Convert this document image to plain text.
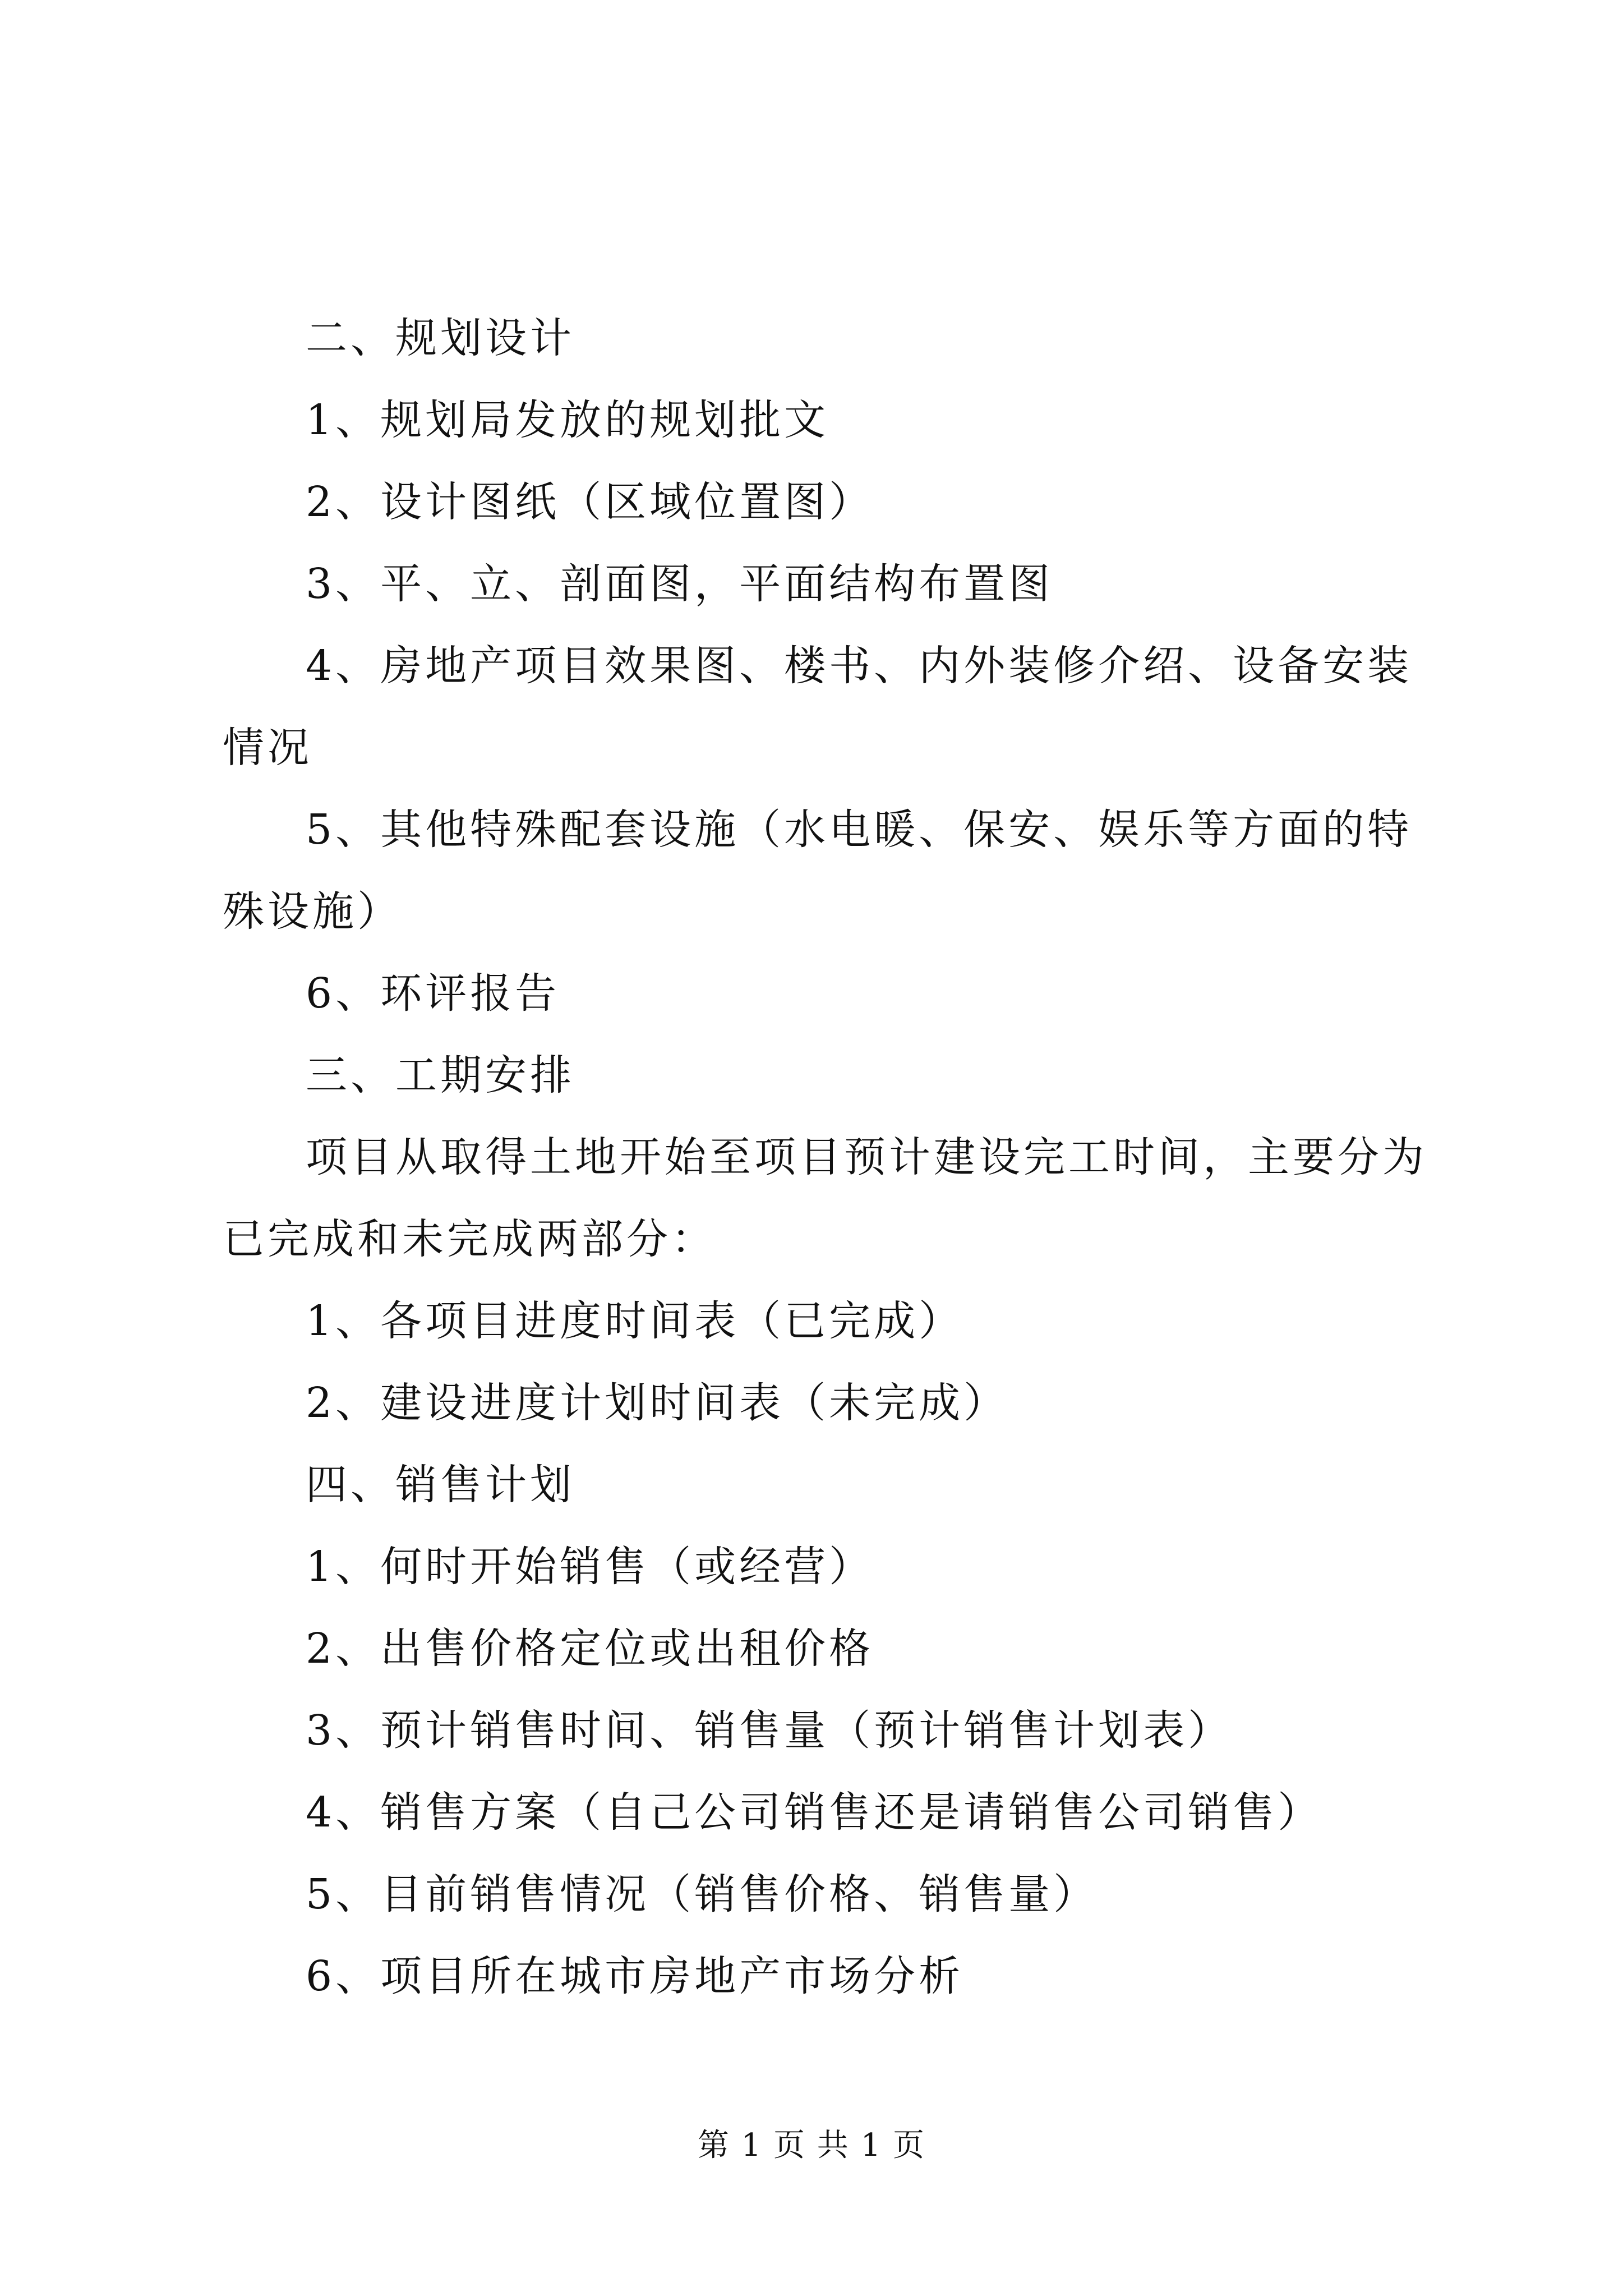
二、规划设计

1、规划局发放的规划批文

2、设计图纸（区域位置图）

3、平、立、剖面图，平面结构布置图

4、房地产项目效果图、楼书、内外装修介绍、设备安装情况

5、其他特殊配套设施（水电暖、保安、娱乐等方面的特殊设施）

6、环评报告

三、工期安排

项目从取得土地开始至项目预计建设完工时间，主要分为已完成和未完成两部分：

1、各项目进度时间表（已完成）

2、建设进度计划时间表（未完成）

四、销售计划

1、何时开始销售（或经营）

2、出售价格定位或出租价格

3、预计销售时间、销售量（预计销售计划表）

4、销售方案（自己公司销售还是请销售公司销售）

5、目前销售情况（销售价格、销售量）

6、项目所在城市房地产市场分析

第 1 页 共 1 页
